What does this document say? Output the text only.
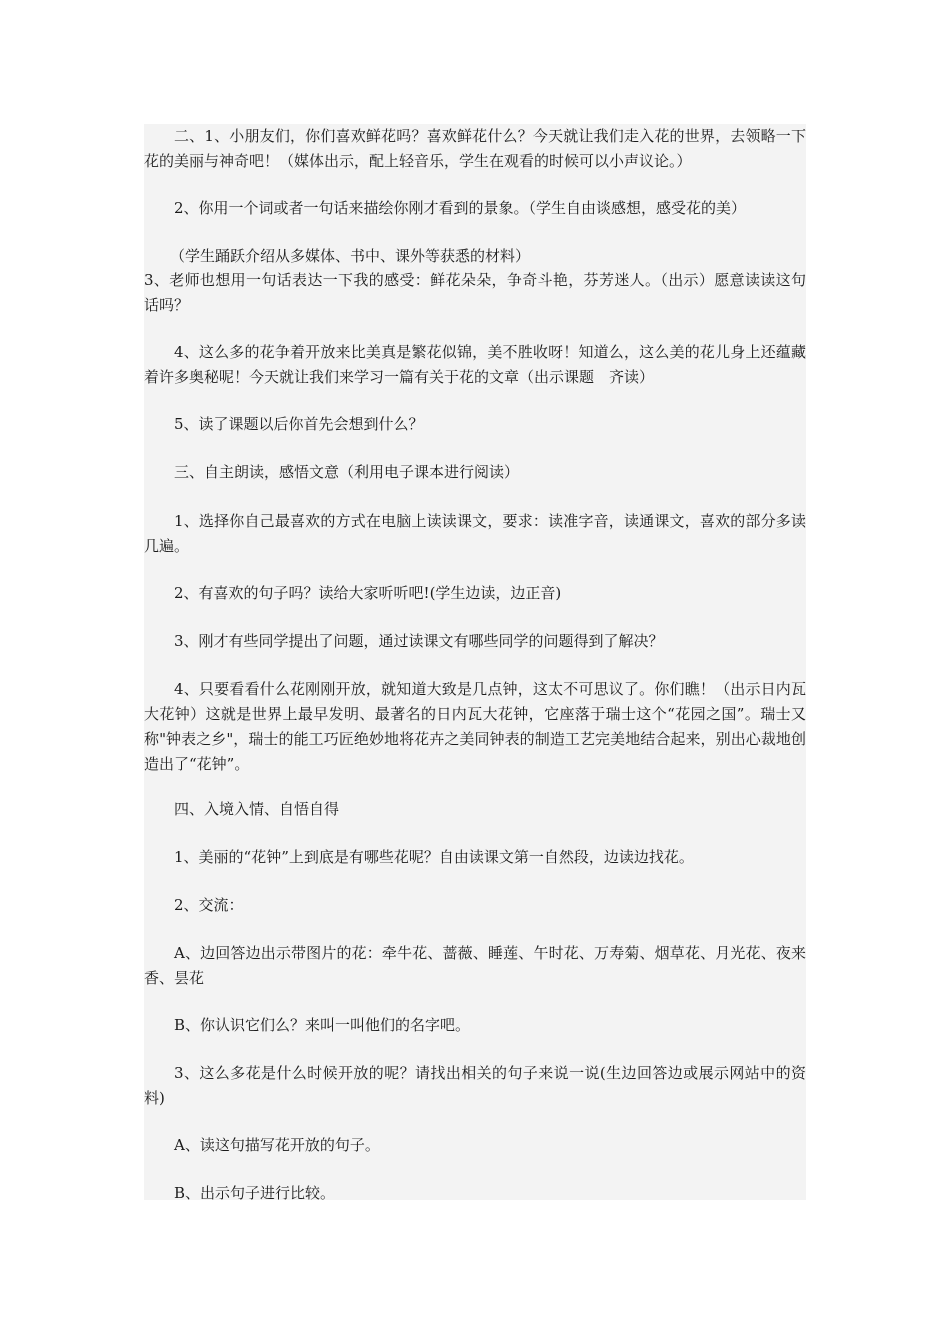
二、1、小朋友们，你们喜欢鲜花吗？喜欢鲜花什么？今天就让我们走入花的世界，去领略一下花的美丽与神奇吧！（媒体出示，配上轻音乐，学生在观看的时候可以小声议论。）

2、你用一个词或者一句话来描绘你刚才看到的景象。（学生自由谈感想，感受花的美）

（学生踊跃介绍从多媒体、书中、课外等获悉的材料）

3、老师也想用一句话表达一下我的感受：鲜花朵朵，争奇斗艳，芬芳迷人。（出示）愿意读读这句话吗？

4、这么多的花争着开放来比美真是繁花似锦，美不胜收呀！知道么，这么美的花儿身上还蕴藏着许多奥秘呢！今天就让我们来学习一篇有关于花的文章（出示课题　齐读）

5、读了课题以后你首先会想到什么？

三、自主朗读，感悟文意（利用电子课本进行阅读）

1、选择你自己最喜欢的方式在电脑上读读课文，要求：读准字音，读通课文，喜欢的部分多读几遍。

2、有喜欢的句子吗？读给大家听听吧!(学生边读，边正音)

3、刚才有些同学提出了问题，通过读课文有哪些同学的问题得到了解决？

4、只要看看什么花刚刚开放，就知道大致是几点钟，这太不可思议了。你们瞧！（出示日内瓦大花钟）这就是世界上最早发明、最著名的日内瓦大花钟，它座落于瑞士这个“花园之国”。瑞士又称"钟表之乡"，瑞士的能工巧匠绝妙地将花卉之美同钟表的制造工艺完美地结合起来，别出心裁地创造出了“花钟”。

四、入境入情、自悟自得

1、美丽的“花钟”上到底是有哪些花呢？自由读课文第一自然段，边读边找花。

2、交流：

A、边回答边出示带图片的花：牵牛花、蔷薇、睡莲、午时花、万寿菊、烟草花、月光花、夜来香、昙花

B、你认识它们么？来叫一叫他们的名字吧。

3、这么多花是什么时候开放的呢？请找出相关的句子来说一说(生边回答边或展示网站中的资料)

A、读这句描写花开放的句子。

B、出示句子进行比较。
